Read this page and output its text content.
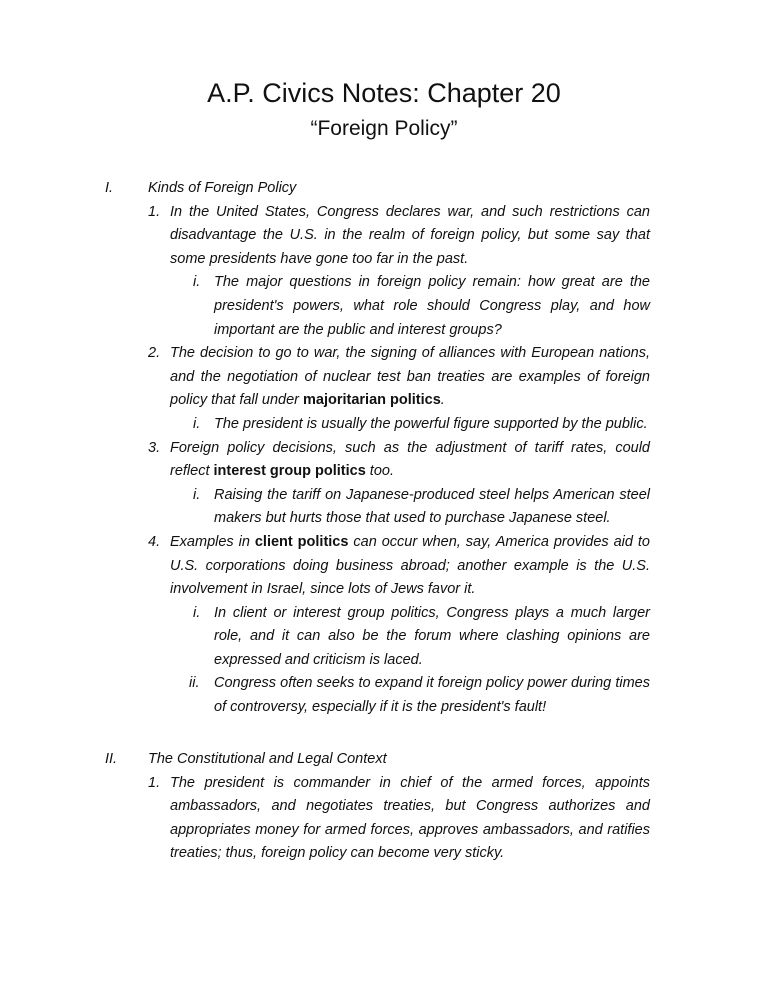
A.P. Civics Notes: Chapter 20
“Foreign Policy”
I. Kinds of Foreign Policy
1. In the United States, Congress declares war, and such restrictions can disadvantage the U.S. in the realm of foreign policy, but some say that some presidents have gone too far in the past.
i. The major questions in foreign policy remain: how great are the president's powers, what role should Congress play, and how important are the public and interest groups?
2. The decision to go to war, the signing of alliances with European nations, and the negotiation of nuclear test ban treaties are examples of foreign policy that fall under majoritarian politics.
i. The president is usually the powerful figure supported by the public.
3. Foreign policy decisions, such as the adjustment of tariff rates, could reflect interest group politics too.
i. Raising the tariff on Japanese-produced steel helps American steel makers but hurts those that used to purchase Japanese steel.
4. Examples in client politics can occur when, say, America provides aid to U.S. corporations doing business abroad; another example is the U.S. involvement in Israel, since lots of Jews favor it.
i. In client or interest group politics, Congress plays a much larger role, and it can also be the forum where clashing opinions are expressed and criticism is laced.
ii. Congress often seeks to expand it foreign policy power during times of controversy, especially if it is the president's fault!
II. The Constitutional and Legal Context
1. The president is commander in chief of the armed forces, appoints ambassadors, and negotiates treaties, but Congress authorizes and appropriates money for armed forces, approves ambassadors, and ratifies treaties; thus, foreign policy can become very sticky.
